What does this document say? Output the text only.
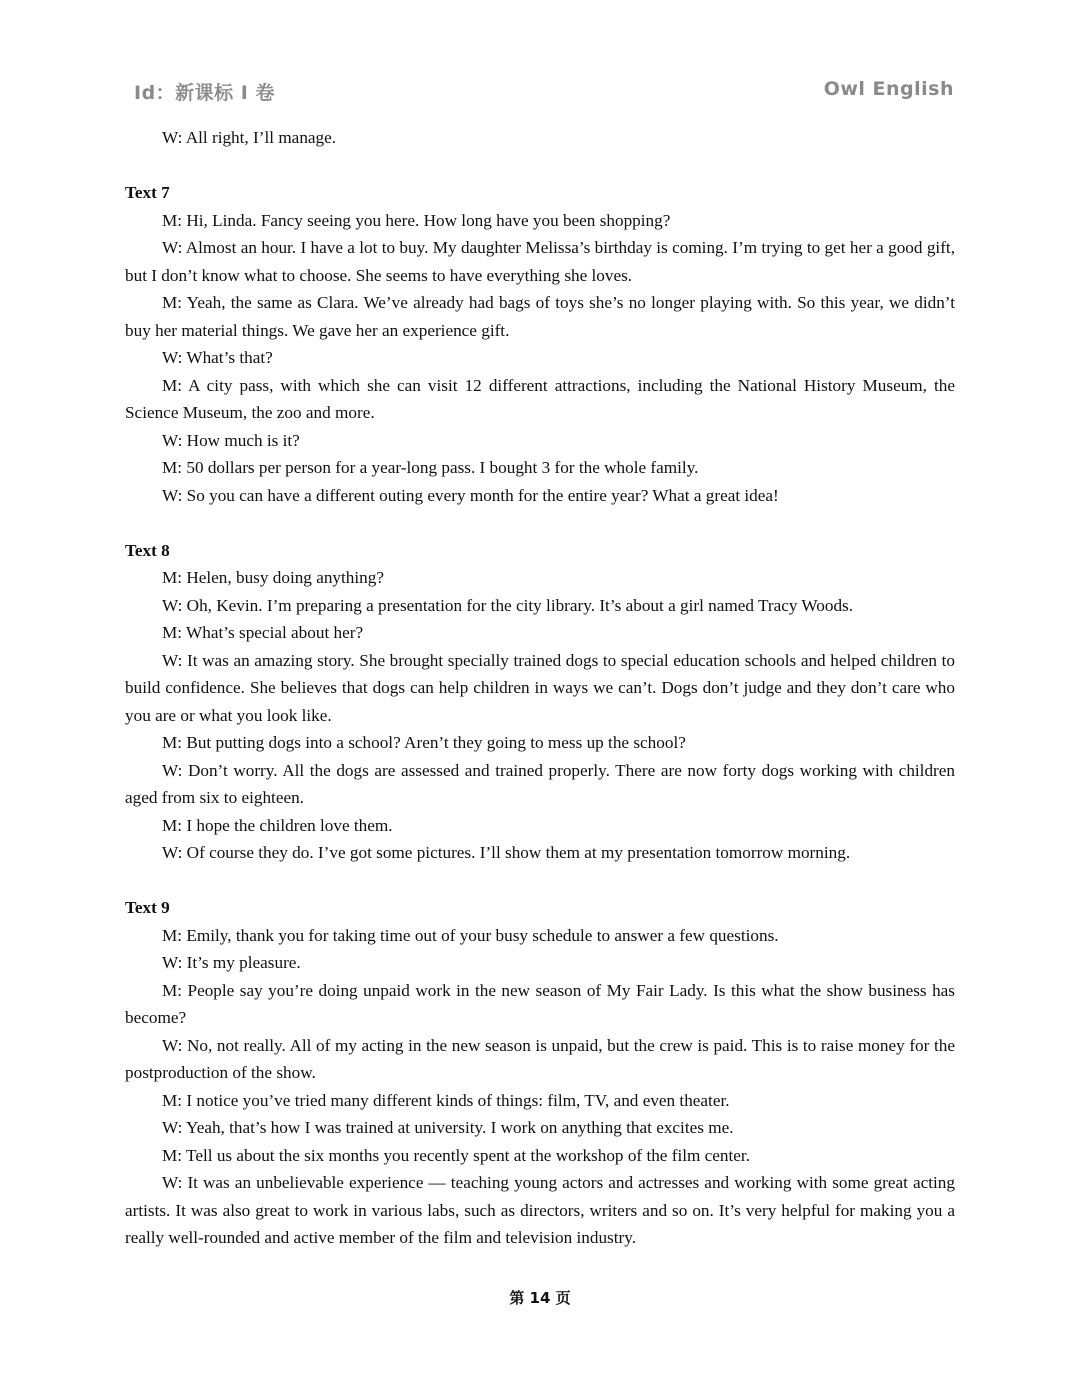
Id：新课标 I 卷	Owl English

W: All right, I’ll manage.

Text 7

M: Hi, Linda. Fancy seeing you here. How long have you been shopping?

W: Almost an hour. I have a lot to buy. My daughter Melissa’s birthday is coming. I’m trying to get her a good gift, but I don’t know what to choose. She seems to have everything she loves.

M: Yeah, the same as Clara. We’ve already had bags of toys she’s no longer playing with. So this year, we didn’t buy her material things. We gave her an experience gift.

W: What’s that?

M: A city pass, with which she can visit 12 different attractions, including the National History Museum, the Science Museum, the zoo and more.

W: How much is it?

M: 50 dollars per person for a year-long pass. I bought 3 for the whole family.

W: So you can have a different outing every month for the entire year? What a great idea!

Text 8

M: Helen, busy doing anything?

W: Oh, Kevin. I’m preparing a presentation for the city library. It’s about a girl named Tracy Woods.

M: What’s special about her?

W: It was an amazing story. She brought specially trained dogs to special education schools and helped children to build confidence. She believes that dogs can help children in ways we can’t. Dogs don’t judge and they don’t care who you are or what you look like.

M: But putting dogs into a school? Aren’t they going to mess up the school?

W: Don’t worry. All the dogs are assessed and trained properly. There are now forty dogs working with children aged from six to eighteen.

M: I hope the children love them.

W: Of course they do. I’ve got some pictures. I’ll show them at my presentation tomorrow morning.

Text 9

M: Emily, thank you for taking time out of your busy schedule to answer a few questions.

W: It’s my pleasure.

M: People say you’re doing unpaid work in the new season of My Fair Lady. Is this what the show business has become?

W: No, not really. All of my acting in the new season is unpaid, but the crew is paid. This is to raise money for the postproduction of the show.

M: I notice you’ve tried many different kinds of things: film, TV, and even theater.

W: Yeah, that’s how I was trained at university. I work on anything that excites me.

M: Tell us about the six months you recently spent at the workshop of the film center.

W: It was an unbelievable experience — teaching young actors and actresses and working with some great acting artists. It was also great to work in various labs, such as directors, writers and so on. It’s very helpful for making you a really well-rounded and active member of the film and television industry.

第 14 页
